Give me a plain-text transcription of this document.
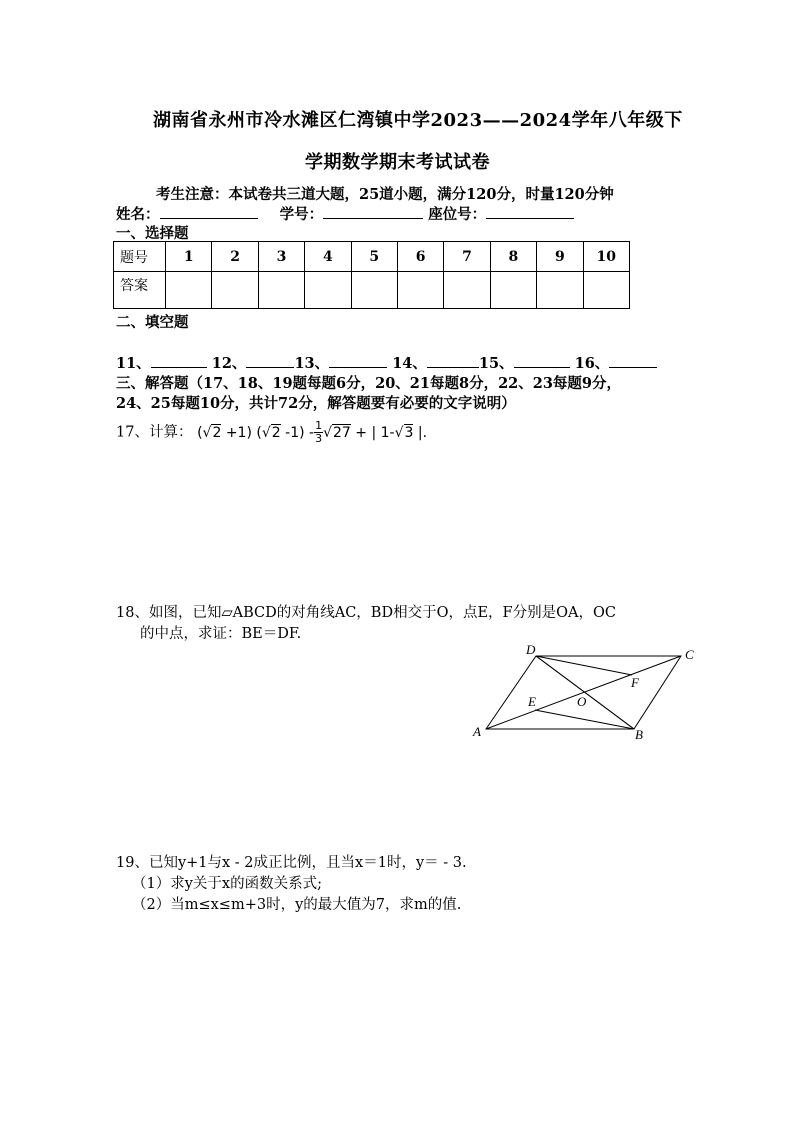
湖南省永州市冷水滩区仁湾镇中学2023——2024学年八年级下
学期数学期末考试试卷
考生注意：本试卷共三道大题，25道小题，满分120分，时量120分钟
姓名：	学号：	座位号：
一、选择题
题号	1	2	3	4	5	6	7	8	9	10
答案										
二、填空题
11、	12、	13、	14、	15、	16、
三、解答题（17、18、19题每题6分，20、21每题8分，22、23每题9分，
24、25每题10分，共计72分，解答题要有必要的文字说明）
17、计算： (√2 +1) (√2 $-1) - \frac{1}{3} √27$ + | 1-√3 |.
18、如图，已知▱ABCD的对角线AC，BD相交于O，点E，F分别是OA，OC
的中点，求证：BE＝DF.
A	B
C
D
E
F
O
19、已知y+1与x - 2成正比例，且当x＝1时，y＝ - 3.
（1）求y关于x的函数关系式;
（2）当m≤x≤m+3时，y的最大值为7，求m的值.
